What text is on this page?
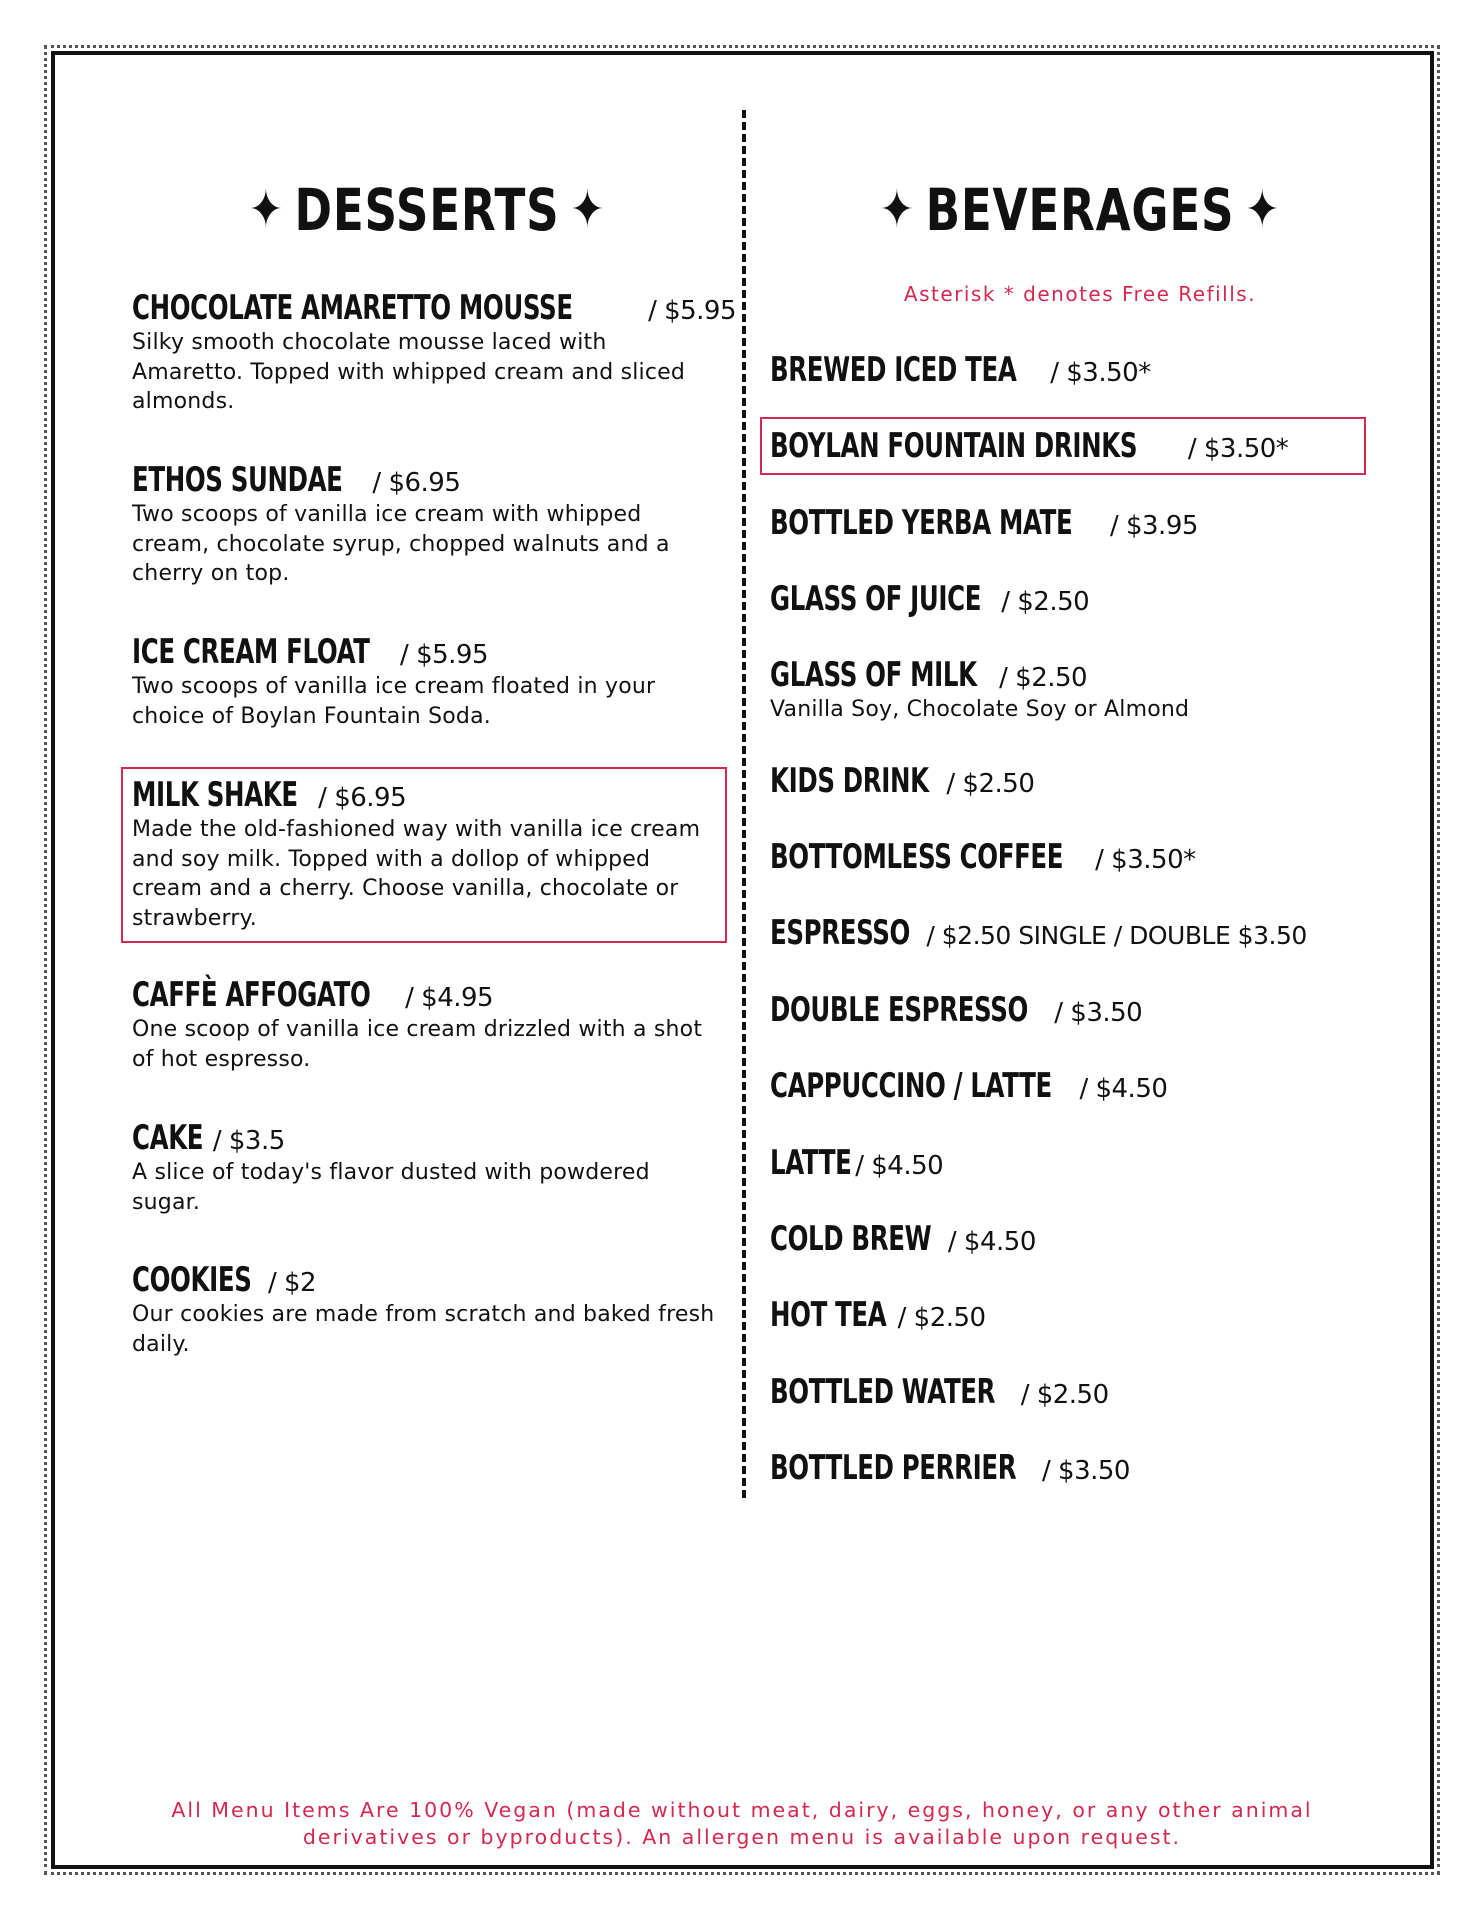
✦ DESSERTS ✦
CHOCOLATE AMARETTO MOUSSE	/ $5.95
Silky smooth chocolate mousse laced with Amaretto. Topped with whipped cream and sliced almonds.
ETHOS SUNDAE / $6.95
Two scoops of vanilla ice cream with whipped cream, chocolate syrup, chopped walnuts and a cherry on top.
ICE CREAM FLOAT / $5.95
Two scoops of vanilla ice cream floated in your choice of Boylan Fountain Soda.
MILK SHAKE / $6.95
Made the old-fashioned way with vanilla ice cream and soy milk. Topped with a dollop of whipped cream and a cherry. Choose vanilla, chocolate or strawberry.
CAFFÈ AFFOGATO / $4.95
One scoop of vanilla ice cream drizzled with a shot of hot espresso.
CAKE / $3.5
A slice of today's flavor dusted with powdered sugar.
COOKIES / $2
Our cookies are made from scratch and baked fresh daily.
✦ BEVERAGES ✦
Asterisk * denotes Free Refills.
BREWED ICED TEA / $3.50*
BOYLAN FOUNTAIN DRINKS / $3.50*
BOTTLED YERBA MATE / $3.95
GLASS OF JUICE / $2.50
GLASS OF MILK / $2.50
Vanilla Soy, Chocolate Soy or Almond
KIDS DRINK / $2.50
BOTTOMLESS COFFEE / $3.50*
ESPRESSO / $2.50 SINGLE / DOUBLE $3.50
DOUBLE ESPRESSO / $3.50
CAPPUCCINO / LATTE / $4.50
LATTE / $4.50
COLD BREW / $4.50
HOT TEA / $2.50
BOTTLED WATER / $2.50
BOTTLED PERRIER / $3.50
All Menu Items Are 100% Vegan (made without meat, dairy, eggs, honey, or any other animal
derivatives or byproducts). An allergen menu is available upon request.
